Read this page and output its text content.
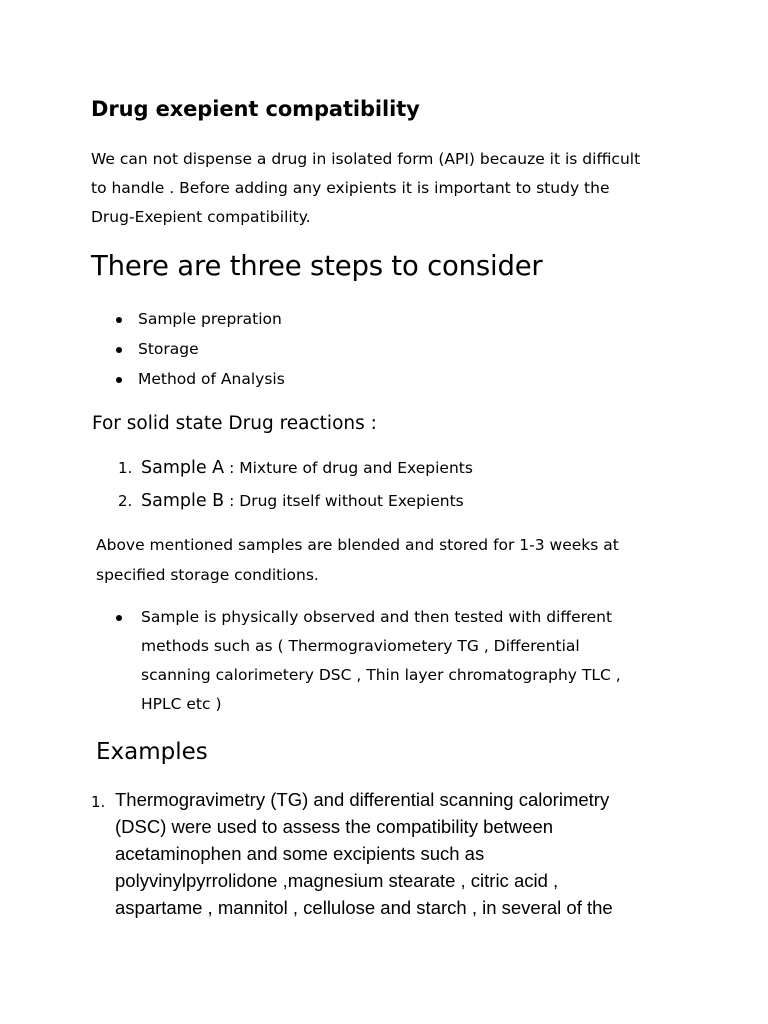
Drug exepient compatibility
We can not dispense a drug in isolated form (API) becauze it is difficult
to handle . Before adding any exipients it is important to study the
Drug-Exepient compatibility.
There are three steps to consider
Sample prepration
Storage
Method of Analysis
For solid state Drug reactions :
1. Sample A : Mixture of drug and Exepients
2. Sample B : Drug itself without Exepients
Above mentioned samples are blended and stored for 1-3 weeks at
specified storage conditions.
Sample is physically observed and then tested with different
methods such as ( Thermograviometery TG , Differential
scanning calorimetery DSC , Thin layer chromatography TLC ,
HPLC etc )
Examples
1. Thermogravimetry (TG) and differential scanning calorimetry
(DSC) were used to assess the compatibility between
acetaminophen and some excipients such as
polyvinylpyrrolidone ,magnesium stearate , citric acid ,
aspartame , mannitol , cellulose and starch , in several of the
